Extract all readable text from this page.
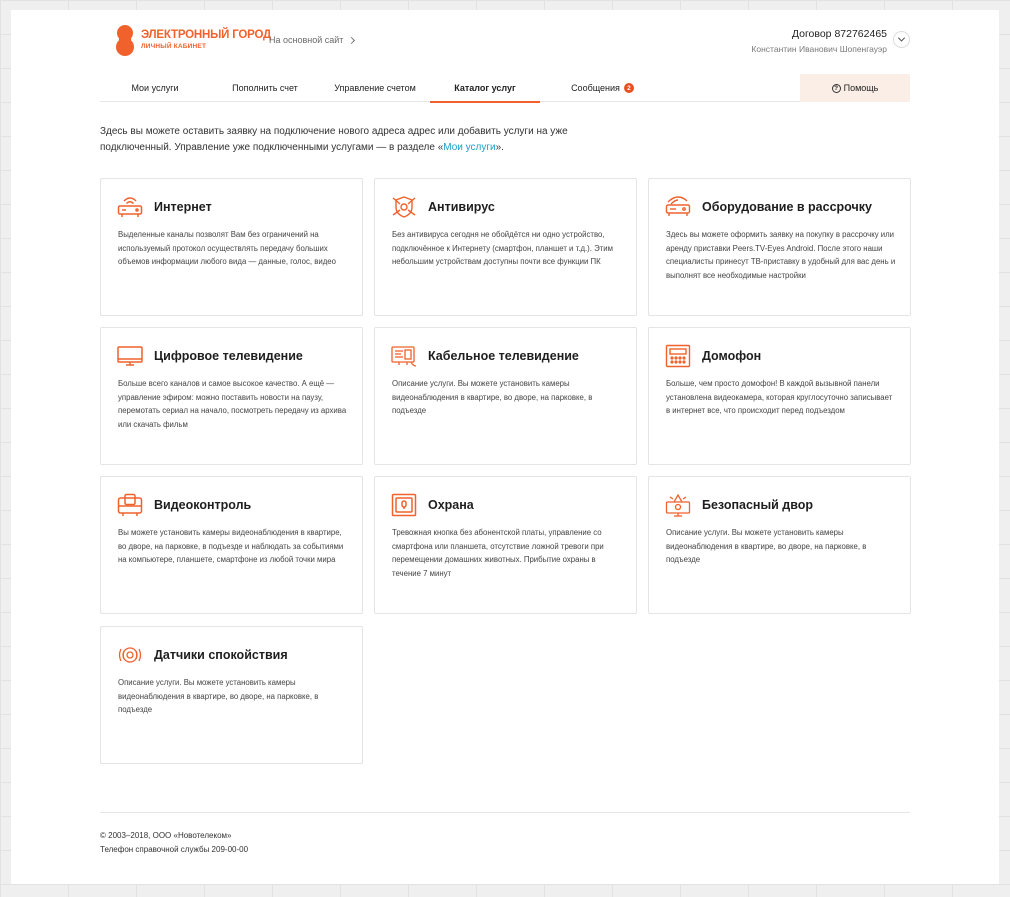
ЭЛЕКТРОННЫЙ ГОРОД
ЛИЧНЫЙ КАБИНЕТ
На основной сайт	Договор 872762465
Константин Иванович Шопенгауэр
Мои услуги	Пополнить счет	Управление счетом	Каталог услуг	Сообщения	2	? Помощь

Здесь вы можете оставить заявку на подключение нового адреса адрес или добавить услуги на уже подключенный. Управление уже подключенными услугами — в разделе «Мои услуги».

Интернет

Выделенные каналы позволят Вам без ограничений на используемый протокол осуществлять передачу больших объемов информации любого вида — данные, голос, видео

Антивирус

Без антивируса сегодня не обойдётся ни одно устройство, подключённое к Интернету (смартфон, планшет и т.д.). Этим небольшим устройствам доступны почти все функции ПК

Оборудование в рассрочку

Здесь вы можете оформить заявку на покупку в рассрочку или аренду приставки Peers.TV-Eyes Android. После этого наши специалисты принесут ТВ-приставку в удобный для вас день и выполнят все необходимые настройки

Цифровое телевидение

Больше всего каналов и самое высокое качество. А ещё — управление эфиром: можно поставить новости на паузу, перемотать сериал на начало, посмотреть передачу из архива или скачать фильм

Кабельное телевидение

Описание услуги. Вы можете установить камеры видеонаблюдения в квартире, во дворе, на парковке, в подъезде

Домофон

Больше, чем просто домофон! В каждой вызывной панели установлена видеокамера, которая круглосуточно записывает в интернет все, что происходит перед подъездом

Видеоконтроль

Вы можете установить камеры видеонаблюдения в квартире, во дворе, на парковке, в подъезде и наблюдать за событиями на компьютере, планшете, смартфоне из любой точки мира

Охрана

Тревожная кнопка без абонентской платы, управление со смартфона или планшета, отсутствие ложной тревоги при перемещении домашних животных. Прибытие охраны в течение 7 минут

Безопасный двор

Описание услуги. Вы можете установить камеры видеонаблюдения в квартире, во дворе, на парковке, в подъезде

Датчики спокойствия

Описание услуги. Вы можете установить камеры видеонаблюдения в квартире, во дворе, на парковке, в подъезде

© 2003–2018, ООО «Новотелеком»

Телефон справочной службы 209-00-00
